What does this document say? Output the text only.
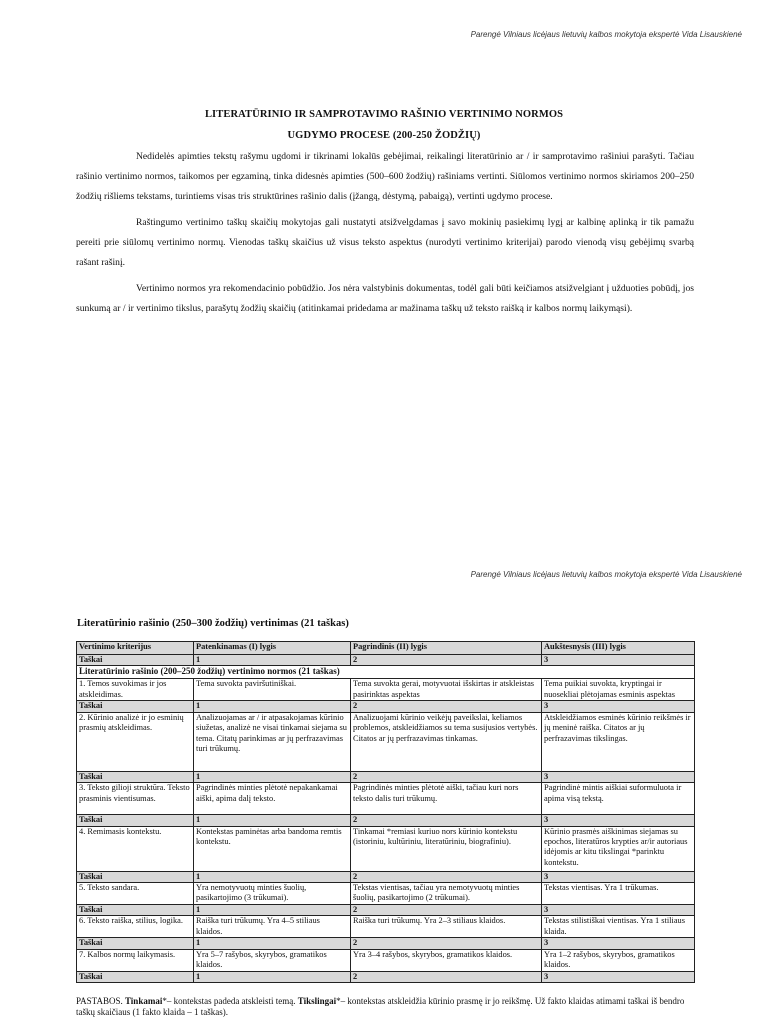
Parengė Vilniaus licėjaus lietuvių kalbos mokytoja ekspertė Vida Lisauskienė
LITERATŪRINIO IR SAMPROTAVIMO RAŠINIO VERTINIMO NORMOS
UGDYMO PROCESE (200-250 ŽODŽIŲ)

Nedidelės apimties tekstų rašymu ugdomi ir tikrinami lokalūs gebėjimai, reikalingi literatūrinio ar / ir samprotavimo rašiniui parašyti. Tačiau rašinio vertinimo normos, taikomos per egzaminą, tinka didesnės apimties (500–600 žodžių) rašiniams vertinti. Siūlomos vertinimo normos skiriamos 200–250 žodžių rišliems tekstams, turintiems visas tris struktūrines rašinio dalis (įžangą, dėstymą, pabaigą), vertinti ugdymo procese.

Raštingumo vertinimo taškų skaičių mokytojas gali nustatyti atsižvelgdamas į savo mokinių pasiekimų lygį ar kalbinę aplinką ir tik pamažu pereiti prie siūlomų vertinimo normų. Vienodas taškų skaičius už visus teksto aspektus (nurodyti vertinimo kriterijai) parodo vienodą visų gebėjimų svarbą rašant rašinį.

Vertinimo normos yra rekomendacinio pobūdžio. Jos nėra valstybinis dokumentas, todėl gali būti keičiamos atsižvelgiant į užduoties pobūdį, jos sunkumą ar / ir vertinimo tikslus, parašytų žodžių skaičių (atitinkamai pridedama ar mažinama taškų už teksto raišką ir kalbos normų laikymąsi).

Parengė Vilniaus licėjaus lietuvių kalbos mokytoja ekspertė Vida Lisauskienė
Literatūrinio rašinio (250–300 žodžių) vertinimas (21 taškas)
Vertinimo kriterijus	Patenkinamas (I) lygis	Pagrindinis (II) lygis	Aukštesnysis (III) lygis
Taškai	1	2	3
Literatūrinio rašinio (200–250 žodžių) vertinimo normos (21 taškas)			
1. Temos suvokimas ir jos atskleidimas.	Tema suvokta paviršutiniškai.	Tema suvokta gerai, motyvuotai išskirtas ir atskleistas pasirinktas aspektas	Tema puikiai suvokta, kryptingai ir nuosekliai plėtojamas esminis aspektas
Taškai	1	2	3
2. Kūrinio analizė ir jo esminių prasmių atskleidimas.	Analizuojamas ar / ir atpasakojamas kūrinio siužetas, analizė ne visai tinkamai siejama su tema. Citatų parinkimas ar jų perfrazavimas turi trūkumų.	Analizuojami kūrinio veikėjų paveikslai, keliamos problemos, atskleidžiamos su tema susijusios vertybės. Citatos ar jų perfrazavimas tinkamas.	Atskleidžiamos esminės kūrinio reikšmės ir jų meninė raiška. Citatos ar jų perfrazavimas tikslingas.
Taškai	1	2	3
3. Teksto gilioji struktūra. Teksto prasminis vientisumas.	Pagrindinės minties plėtotė nepakankamai aiški, apima dalį teksto.	Pagrindinės minties plėtotė aiški, tačiau kuri nors teksto dalis turi trūkumų.	Pagrindinė mintis aiškiai suformuluota ir apima visą tekstą.
Taškai	1	2	3
4. Remimasis kontekstu.	Kontekstas paminėtas arba bandoma remtis kontekstu.	Tinkamai *remiasi kuriuo nors kūrinio kontekstu (istoriniu, kultūriniu, literatūriniu, biografiniu).	Kūrinio prasmės aiškinimas siejamas su epochos, literatūros krypties ar/ir autoriaus idėjomis ar kitu tikslingai *parinktu kontekstu.
Taškai	1	2	3
5. Teksto sandara.	Yra nemotyvuotų minties šuolių, pasikartojimo (3 trūkumai).	Tekstas vientisas, tačiau yra nemotyvuotų minties šuolių, pasikartojimo (2 trūkumai).	Tekstas vientisas. Yra 1 trūkumas.
Taškai	1	2	3
6. Teksto raiška, stilius, logika.	Raiška turi trūkumų. Yra 4–5 stiliaus klaidos.	Raiška turi trūkumų. Yra 2–3 stiliaus klaidos.	Tekstas stilistiškai vientisas. Yra 1 stiliaus klaida.
Taškai	1	2	3
7. Kalbos normų laikymasis.	Yra 5–7 rašybos, skyrybos, gramatikos klaidos.	Yra 3–4 rašybos, skyrybos, gramatikos klaidos.	Yra 1–2 rašybos, skyrybos, gramatikos klaidos.
Taškai	1	2	3
PASTABOS. Tinkamai*– kontekstas padeda atskleisti temą. Tikslingai*– kontekstas atskleidžia kūrinio prasmę ir jo reikšmę. Už fakto klaidas atimami taškai iš bendro taškų skaičiaus (1 fakto klaida – 1 taškas).
